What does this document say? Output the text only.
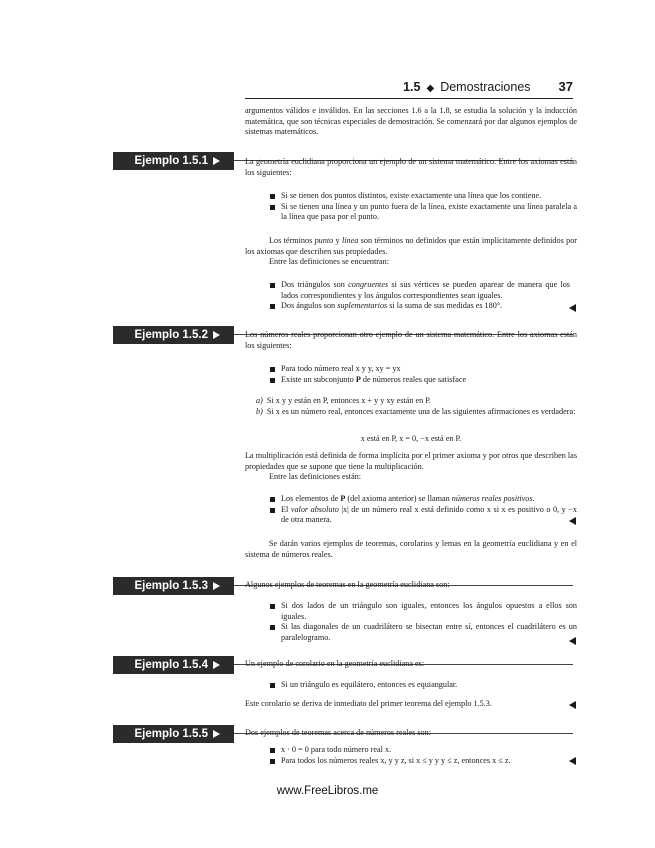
1.5 ◆ Demostraciones 37

argumentos válidos e inválidos. En las secciones 1.6 a la 1.8, se estudia la solución y la inducción matemática, que son técnicas especiales de demostración. Se comenzará por dar algunos ejemplos de sistemas matemáticos.

Ejemplo 1.5.1	La geometría euclidiana proporciona un ejemplo de un sistema matemático. Entre los axiomas están los siguientes:

Si se tienen dos puntos distintos, existe exactamente una línea que los contiene.
Si se tienen una línea y un punto fuera de la línea, existe exactamente una línea paralela a la línea que pasa por el punto.

Los términos punto y línea son términos no definidos que están implícitamente definidos por los axiomas que describen sus propiedades.

Entre las definiciones se encuentran:

Dos triángulos son congruentes si sus vértices se pueden aparear de manera que los lados correspondientes y los ángulos correspondientes sean iguales.
Dos ángulos son suplementarios si la suma de sus medidas es 180°.
Ejemplo 1.5.2	Los números reales proporcionan otro ejemplo de un sistema matemático. Entre los axiomas están los siguientes:

Para todo número real x y y, xy = yx
Existe un subconjunto P de números reales que satisface

a) Si x y y están en P, entonces x + y y xy están en P.

b) Si x es un número real, entonces exactamente una de las siguientes afirmaciones es verdadera:

x está en P, x = 0, −x está en P.

La multiplicación está definida de forma implícita por el primer axioma y por otros que describen las propiedades que se supone que tiene la multiplicación.

Entre las definiciones están:

Los elementos de P (del axioma anterior) se llaman números reales positivos.
El valor absoluto |x| de un número real x está definido como x si x es positivo o 0, y −x de otra manera.

Se darán varios ejemplos de teoremas, corolarios y lemas en la geometría euclidiana y en el sistema de números reales.

Ejemplo 1.5.3	Algunos ejemplos de teoremas en la geometría euclidiana son:

Si dos lados de un triángulo son iguales, entonces los ángulos opuestos a ellos son iguales.
Si las diagonales de un cuadrilátero se bisectan entre sí, entonces el cuadrilátero es un paralelogramo.
Ejemplo 1.5.4	Un ejemplo de corolario en la geometría euclidiana es:

Si un triángulo es equilátero, entonces es equiangular.

Este corolario se deriva de inmediato del primer teorema del ejemplo 1.5.3.

Ejemplo 1.5.5	Dos ejemplos de teoremas acerca de números reales son:

x · 0 = 0 para todo número real x.
Para todos los números reales x, y y z, si x ≤ y y y ≤ z, entonces x ≤ z.
www.FreeLibros.me
